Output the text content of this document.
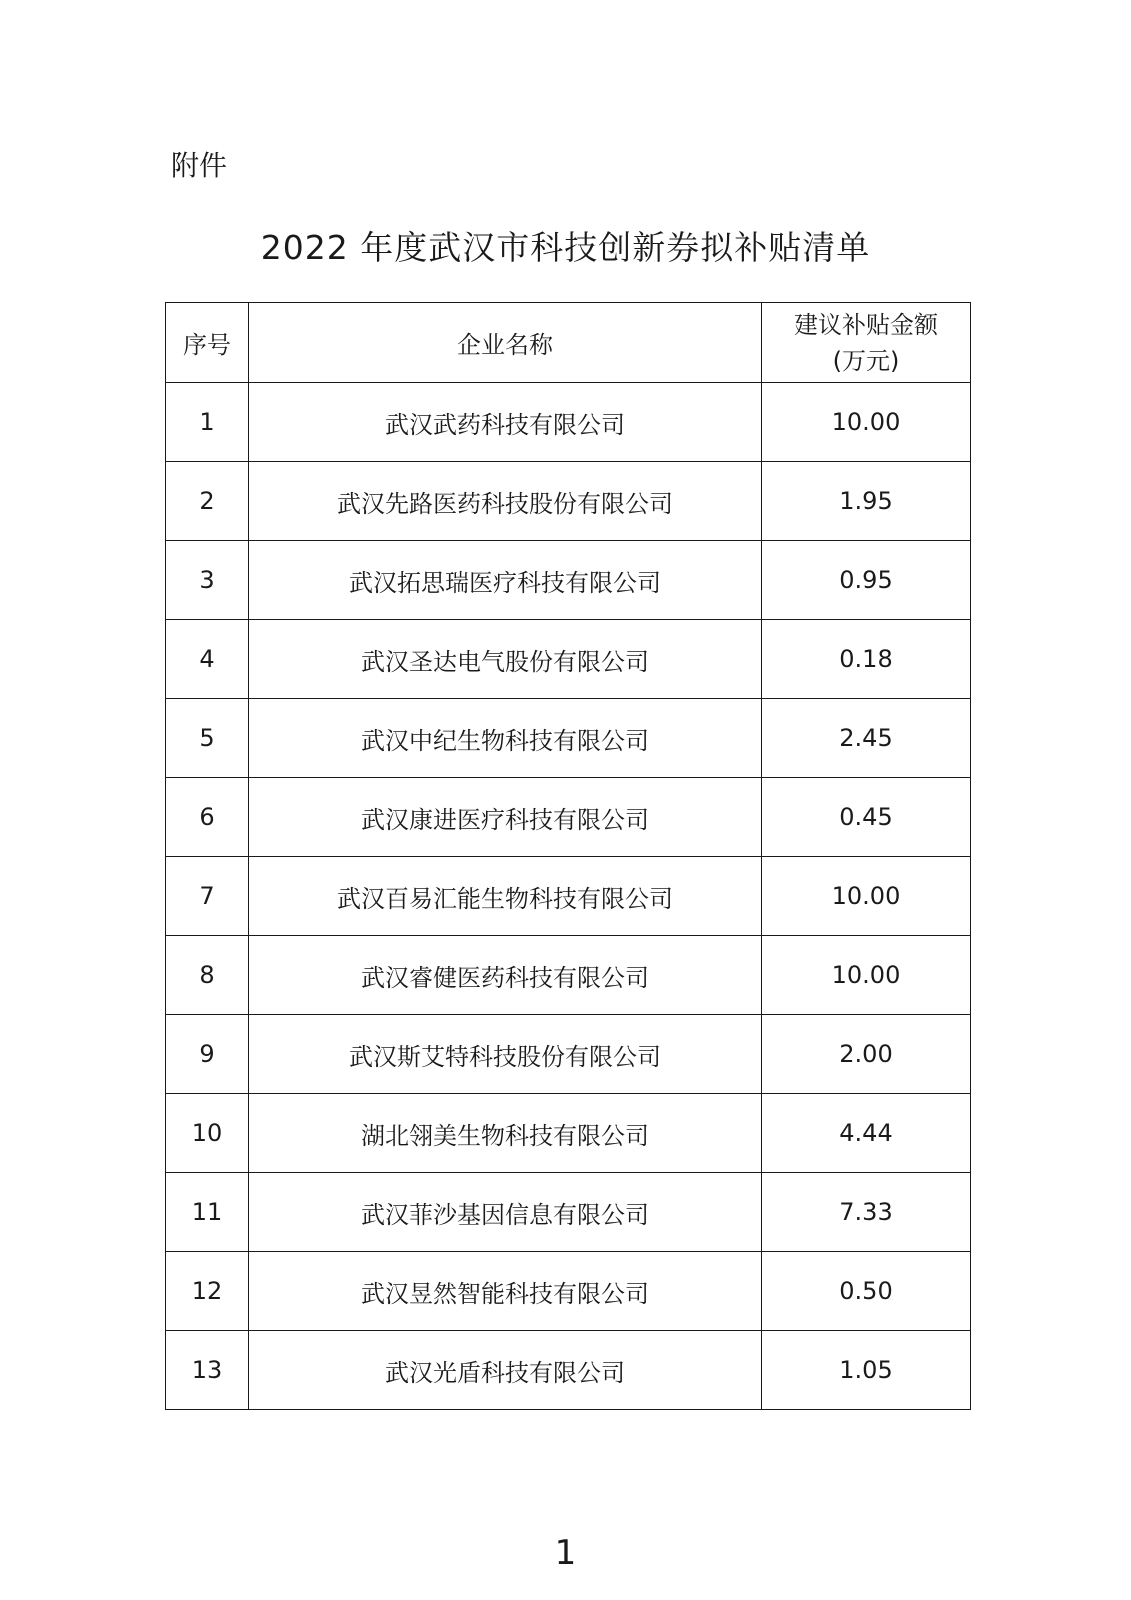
附件
2022 年度武汉市科技创新券拟补贴清单
序号	企业名称	建议补贴金额
(万元)

1	武汉武药科技有限公司	10.00
2	武汉先路医药科技股份有限公司	1.95
3	武汉拓思瑞医疗科技有限公司	0.95
4	武汉圣达电气股份有限公司	0.18
5	武汉中纪生物科技有限公司	2.45
6	武汉康进医疗科技有限公司	0.45
7	武汉百易汇能生物科技有限公司	10.00
8	武汉睿健医药科技有限公司	10.00
9	武汉斯艾特科技股份有限公司	2.00
10	湖北翎美生物科技有限公司	4.44
11	武汉菲沙基因信息有限公司	7.33
12	武汉昱然智能科技有限公司	0.50
13	武汉光盾科技有限公司	1.05
1
